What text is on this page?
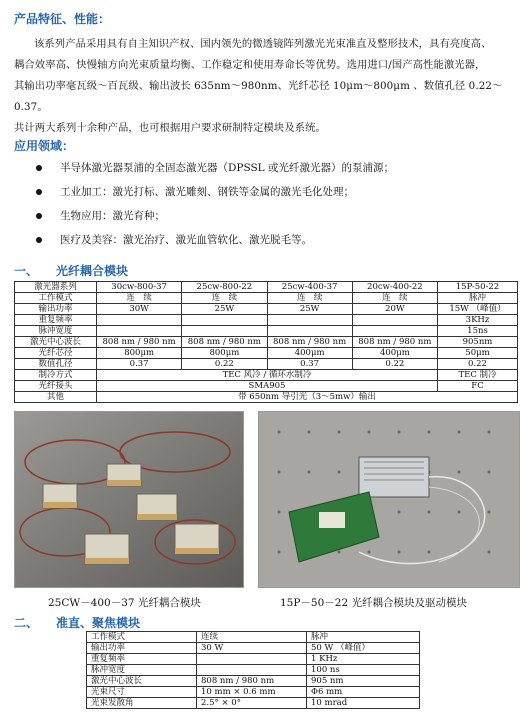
产品特征、性能：
该系列产品采用具有自主知识产权、国内领先的微透镜阵列激光光束准直及整形技术，具有亮度高、
耦合效率高、快慢轴方向光束质量均衡、工作稳定和使用寿命长等优势。选用进口/国产高性能激光器，
其输出功率毫瓦级～百瓦级、输出波长 635nm～980nm、光纤芯径 10μm～800μm 、数值孔径 0.22～0.37。
共计两大系列十余种产品，也可根据用户要求研制特定模块及系统。
应用领域：
半导体激光器泵浦的全固态激光器（DPSSL 或光纤激光器）的泵浦源；
工业加工：激光打标、激光雕刻、钢铁等金属的激光毛化处理；
生物应用：激光育种；
医疗及美容：激光治疗、激光血管软化、激光脱毛等。
一、 光纤耦合模块
激光器系列	30cw-800-37	25cw-800-22	25cw-400-37	20cw-400-22	15P-50-22
工作模式	连　续	连　续	连　续	连　续	脉冲
输出功率	30W	25W	25W	20W	15W （峰值）
重复频率					3KHz
脉冲宽度					15ns
激光中心波长	808 nm / 980 nm	808 nm / 980 nm	808 nm / 980 nm	808 nm / 980 nm	905nm
光纤芯径	800μm	800μm	400μm	400μm	50μm
数值孔径	0.37	0.22	0.37	0.22	0.22
制冷方式	TEC 风冷 / 循环水制冷				TEC 制冷
光纤接头	SMA905				FC
其他	带 650nm 导引光（3～5mw）输出				
25CW－400－37 光纤耦合模块	15P－50－22 光纤耦合模块及驱动模块
二、 准直、聚焦模块
工作模式	连续	脉冲
输出功率	30 W	50 W （峰值）
重复频率		1 KHz
脉冲宽度		100 ns
激光中心波长	808 nm / 980 nm	905 nm
光束尺寸	10 mm × 0.6 mm	Φ6 mm
光束发散角	2.5° × 0°	10 mrad
